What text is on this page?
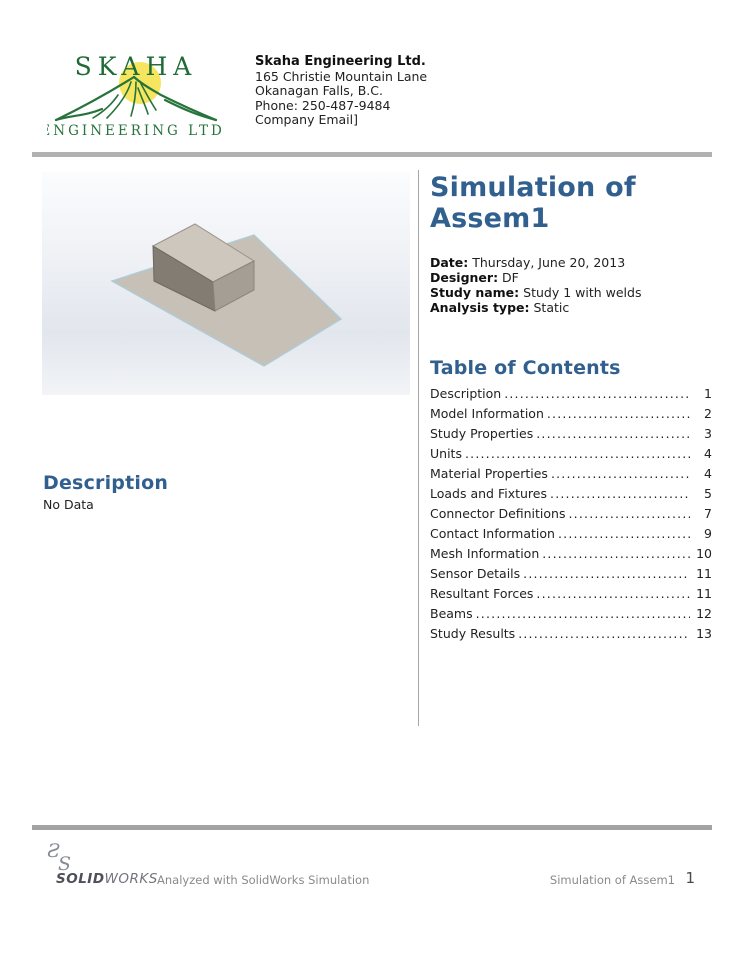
SKAHA
ENGINEERING LTD.
Skaha Engineering Ltd.
165 Christie Mountain Lane
Okanagan Falls, B.C.
Phone: 250-487-9484
Company Email]
Description
No Data
Simulation of Assem1
Date: Thursday, June 20, 2013
Designer: DF
Study name: Study 1 with welds
Analysis type: Static
Table of Contents
Description .....	1
Model Information .....	2
Study Properties .....	3
Units .....	4
Material Properties .....	4
Loads and Fixtures .....	5
Connector Definitions .....	7
Contact Information .....	9
Mesh Information .....	10
Sensor Details .....	11
Resultant Forces .....	11
Beams .....	12
Study Results .....	13
Ƨ
S
SOLIDWORKS Analyzed with SolidWorks Simulation	Simulation of Assem1 1
